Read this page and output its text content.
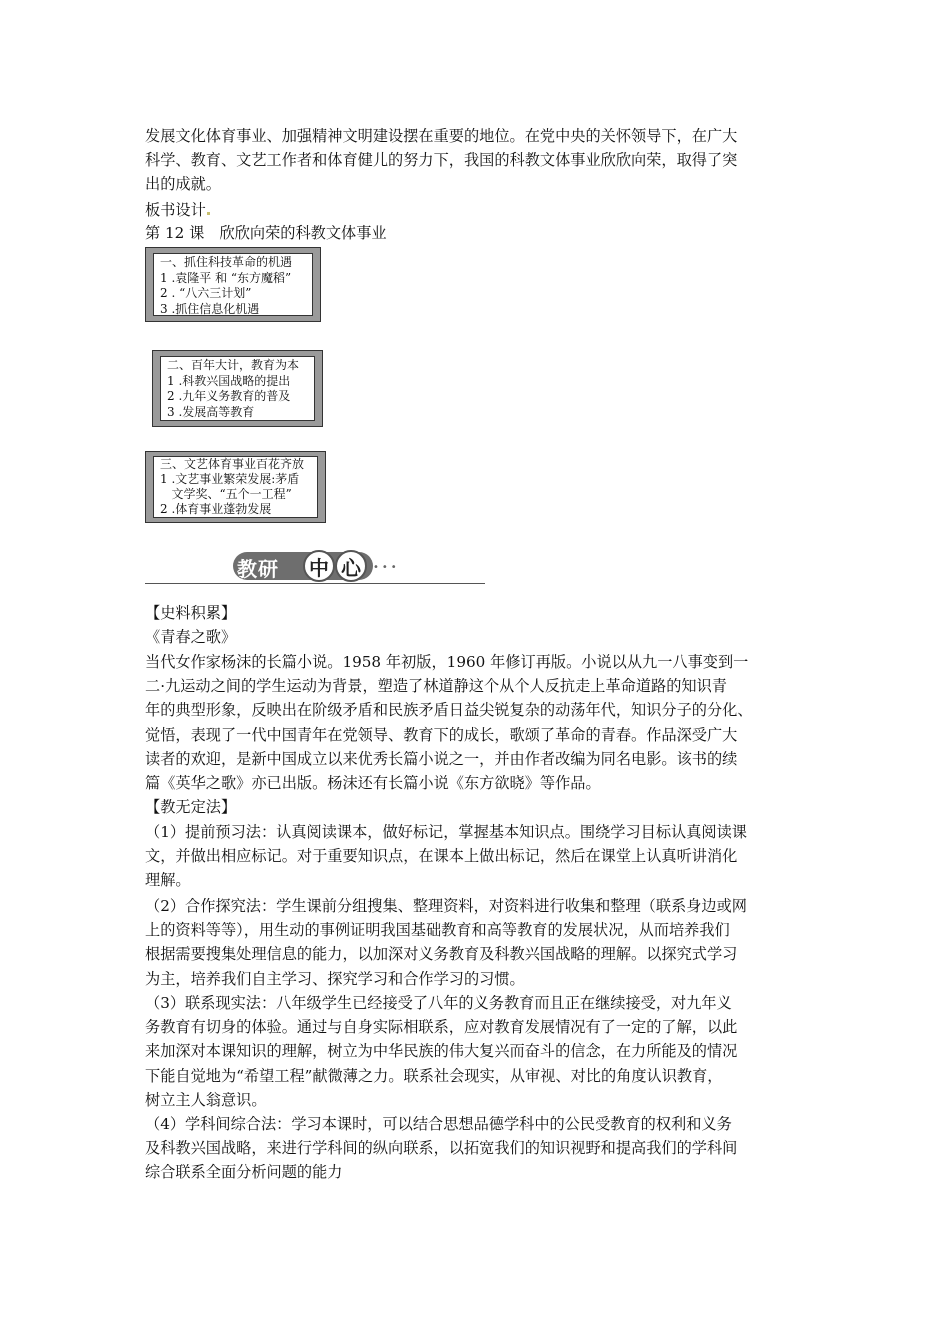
发展文化体育事业、加强精神文明建设摆在重要的地位。在党中央的关怀领导下，在广大
科学、教育、文艺工作者和体育健儿的努力下，我国的科教文体事业欣欣向荣，取得了突
出的成就。
板书设计
第 12 课　欣欣向荣的科教文体事业
一、抓住科技革命的机遇
1 .袁隆平 和 “东方魔稻”
2 . “八六三计划”
3 .抓住信息化机遇
二、百年大计，教育为本
1 .科教兴国战略的提出
2 .九年义务教育的普及
3 .发展高等教育
三、文艺体育事业百花齐放
1 .文艺事业繁荣发展:茅盾
文学奖、“五个一工程”
2 .体育事业蓬勃发展
教研 中 心 •••
【史料积累】
《青春之歌》
当代女作家杨沫的长篇小说。1958 年初版，1960 年修订再版。小说以从九一八事变到一
二·九运动之间的学生运动为背景，塑造了林道静这个从个人反抗走上革命道路的知识青
年的典型形象，反映出在阶级矛盾和民族矛盾日益尖锐复杂的动荡年代，知识分子的分化、
觉悟，表现了一代中国青年在党领导、教育下的成长，歌颂了革命的青春。作品深受广大
读者的欢迎，是新中国成立以来优秀长篇小说之一，并由作者改编为同名电影。该书的续
篇《英华之歌》亦已出版。杨沫还有长篇小说《东方欲晓》等作品。
【教无定法】
（1）提前预习法：认真阅读课本，做好标记，掌握基本知识点。围绕学习目标认真阅读课
文，并做出相应标记。对于重要知识点，在课本上做出标记，然后在课堂上认真听讲消化
理解。
（2）合作探究法：学生课前分组搜集、整理资料，对资料进行收集和整理（联系身边或网
上的资料等等），用生动的事例证明我国基础教育和高等教育的发展状况，从而培养我们
根据需要搜集处理信息的能力，以加深对义务教育及科教兴国战略的理解。以探究式学习
为主，培养我们自主学习、探究学习和合作学习的习惯。
（3）联系现实法：八年级学生已经接受了八年的义务教育而且正在继续接受，对九年义
务教育有切身的体验。通过与自身实际相联系，应对教育发展情况有了一定的了解，以此
来加深对本课知识的理解，树立为中华民族的伟大复兴而奋斗的信念，在力所能及的情况
下能自觉地为“希望工程”献微薄之力。联系社会现实，从审视、对比的角度认识教育，
树立主人翁意识。
（4）学科间综合法：学习本课时，可以结合思想品德学科中的公民受教育的权利和义务
及科教兴国战略，来进行学科间的纵向联系，以拓宽我们的知识视野和提高我们的学科间
综合联系全面分析问题的能力
